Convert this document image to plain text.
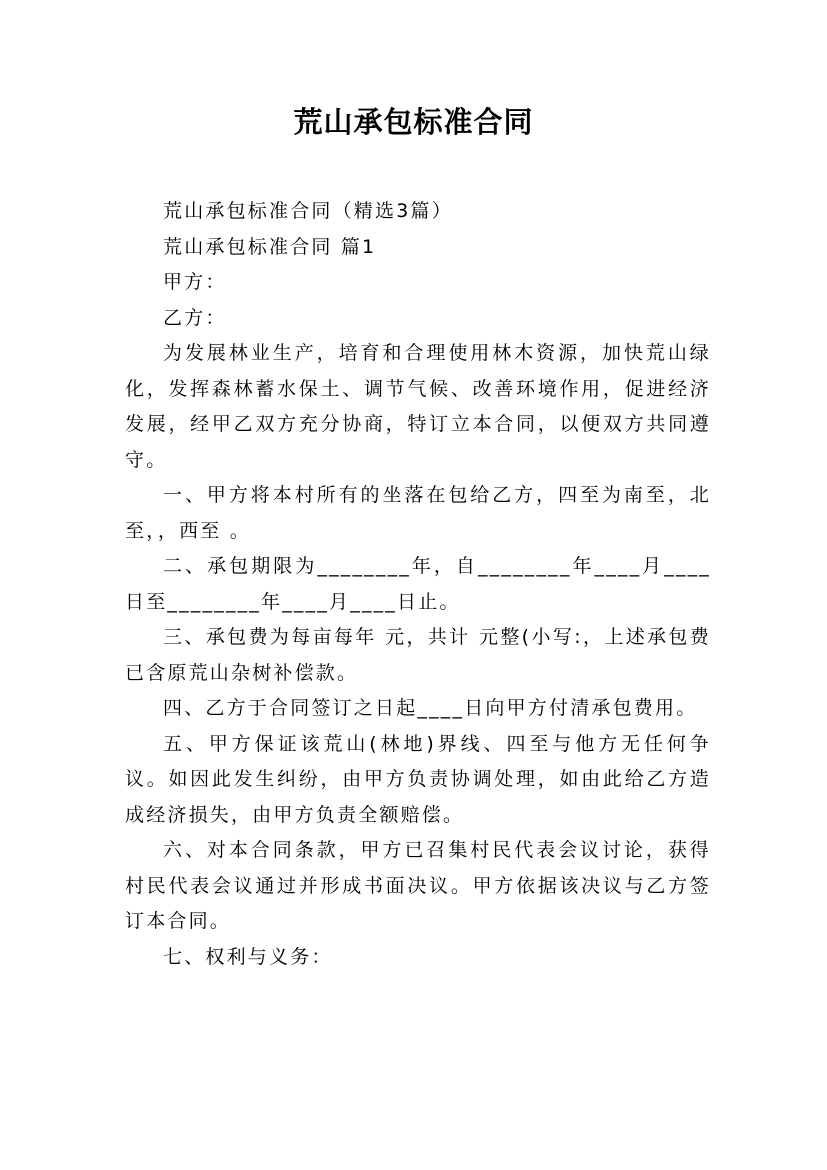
荒山承包标准合同

荒山承包标准合同（精选3篇）

荒山承包标准合同 篇1

甲方：

乙方：

为发展林业生产，培育和合理使用林木资源，加快荒山绿化，发挥森林蓄水保土、调节气候、改善环境作用，促进经济发展，经甲乙双方充分协商，特订立本合同，以便双方共同遵守。

一、甲方将本村所有的坐落在包给乙方，四至为南至，北至，，西至 。

二、承包期限为________年，自________年____月____日至________年____月____日止。

三、承包费为每亩每年 元，共计 元整(小写:，上述承包费已含原荒山杂树补偿款。

四、乙方于合同签订之日起____日向甲方付清承包费用。

五、甲方保证该荒山(林地)界线、四至与他方无任何争议。如因此发生纠纷，由甲方负责协调处理，如由此给乙方造成经济损失，由甲方负责全额赔偿。

六、对本合同条款，甲方已召集村民代表会议讨论，获得村民代表会议通过并形成书面决议。甲方依据该决议与乙方签订本合同。

七、权利与义务：
